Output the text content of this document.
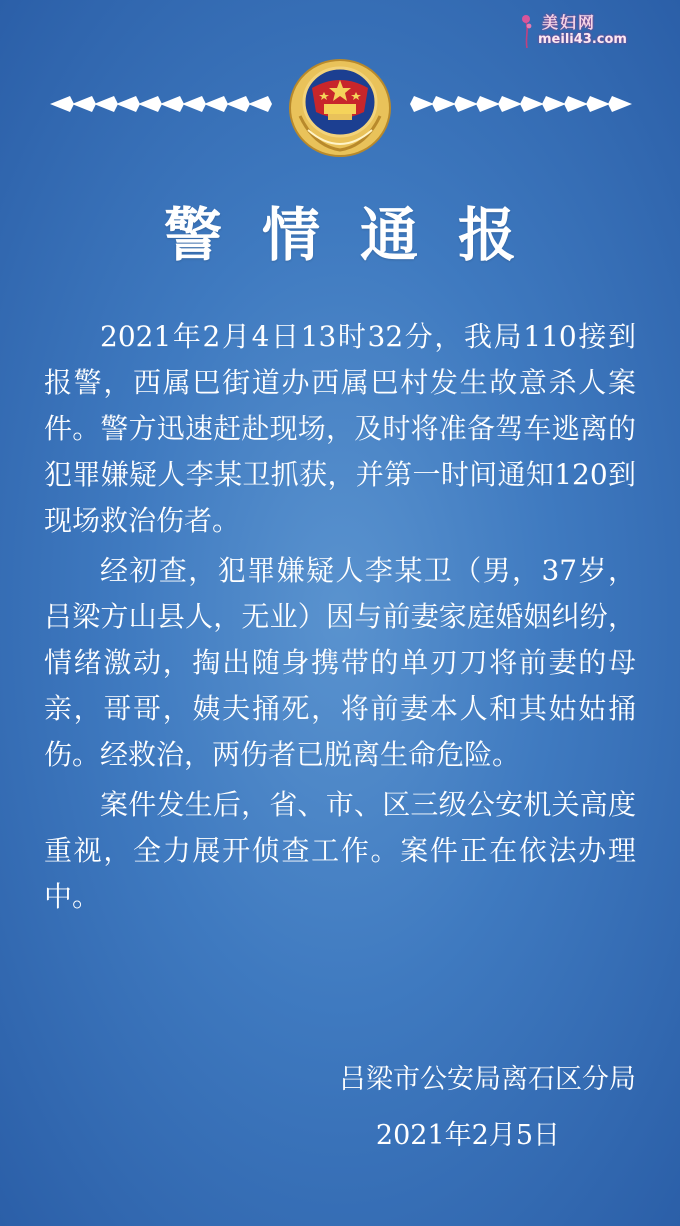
美妇网
meili43.com
警情通报

2021年2月4日13时32分，我局110接到报警，西属巴街道办西属巴村发生故意杀人案件。警方迅速赶赴现场，及时将准备驾车逃离的犯罪嫌疑人李某卫抓获，并第一时间通知120到现场救治伤者。

经初查，犯罪嫌疑人李某卫（男，37岁，吕梁方山县人，无业）因与前妻家庭婚姻纠纷，情绪激动，掏出随身携带的单刃刀将前妻的母亲，哥哥，姨夫捅死，将前妻本人和其姑姑捅伤。经救治，两伤者已脱离生命危险。

案件发生后，省、市、区三级公安机关高度重视，全力展开侦查工作。案件正在依法办理中。

吕梁市公安局离石区分局
2021年2月5日
